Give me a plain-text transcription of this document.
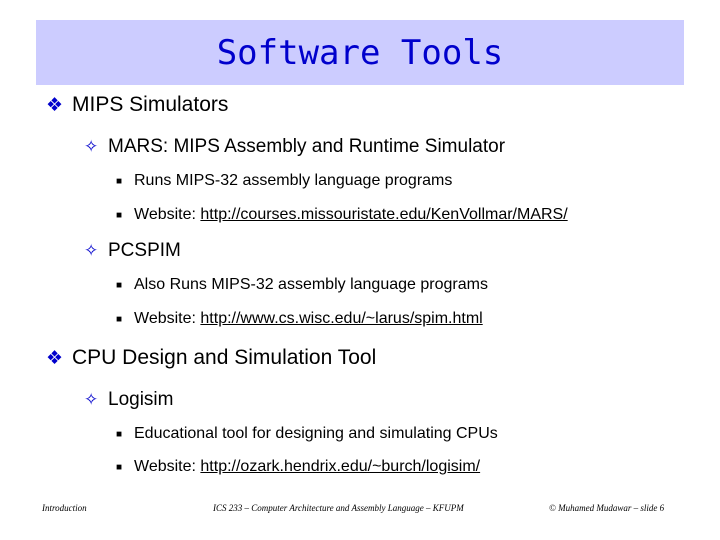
Software Tools
❖ MIPS Simulators
✧ MARS: MIPS Assembly and Runtime Simulator
■ Runs MIPS-32 assembly language programs
■ Website: http://courses.missouristate.edu/KenVollmar/MARS/
✧ PCSPIM
■ Also Runs MIPS-32 assembly language programs
■ Website: http://www.cs.wisc.edu/~larus/spim.html
❖ CPU Design and Simulation Tool
✧ Logisim
■ Educational tool for designing and simulating CPUs
■ Website: http://ozark.hendrix.edu/~burch/logisim/
Introduction	ICS 233 – Computer Architecture and Assembly Language – KFUPM	© Muhamed Mudawar – slide 6
